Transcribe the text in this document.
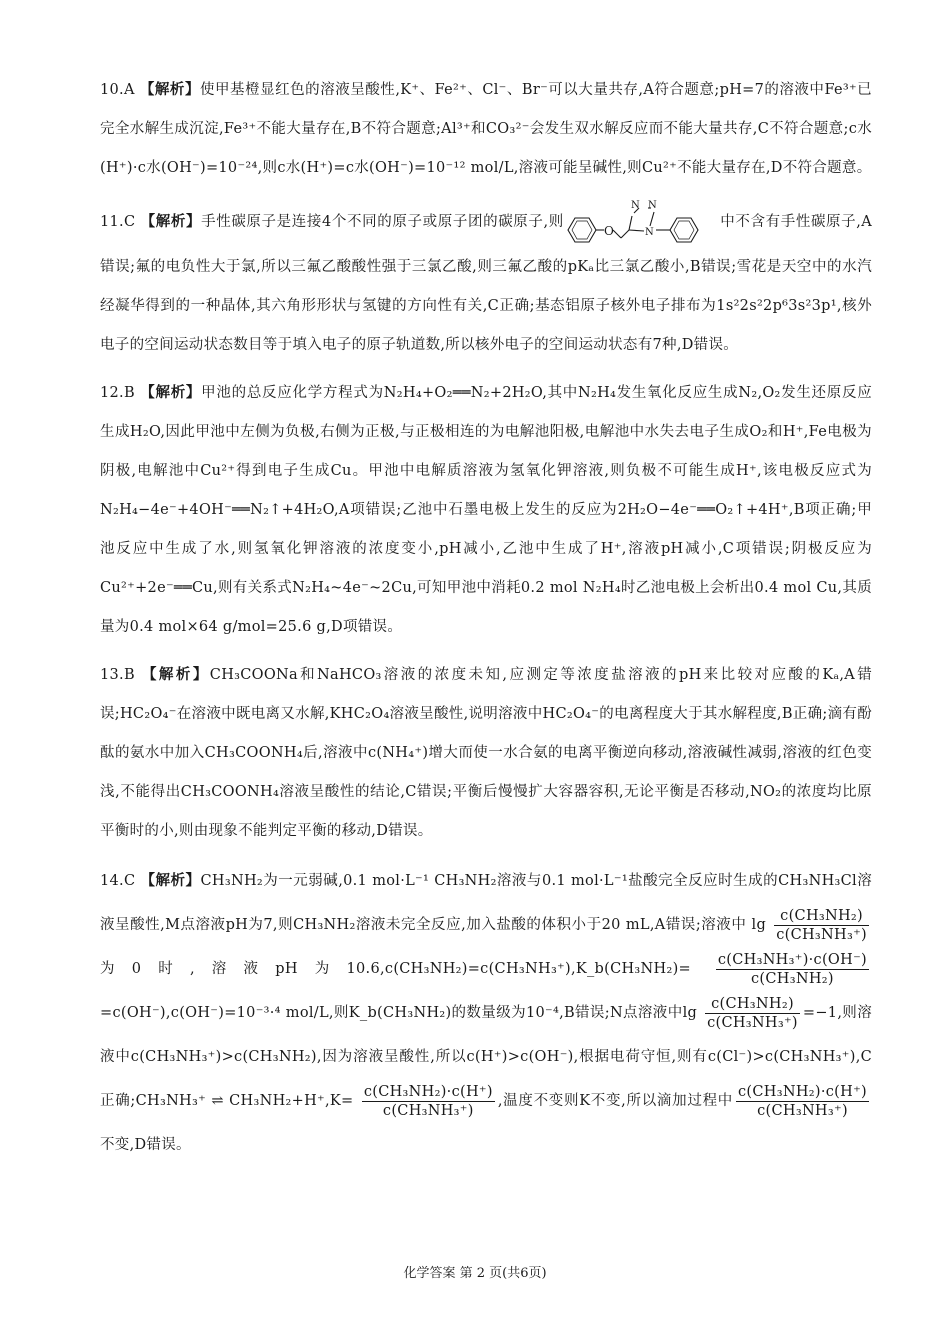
10.A 【解析】使甲基橙显红色的溶液呈酸性,K⁺、Fe²⁺、Cl⁻、Br⁻可以大量共存,A符合题意;pH=7的溶液中Fe³⁺已完全水解生成沉淀,Fe³⁺不能大量存在,B不符合题意;Al³⁺和CO₃²⁻会发生双水解反应而不能大量共存,C不符合题意;c水(H⁺)·c水(OH⁻)=10⁻²⁴,则c水(H⁺)=c水(OH⁻)=10⁻¹² mol/L,溶液可能呈碱性,则Cu²⁺不能大量存在,D不符合题意。

11.C 【解析】手性碳原子是连接4个不同的原子或原子团的碳原子,则
O
N N
N
中不含有手性碳原子,A错误;氟的电负性大于氯,所以三氟乙酸酸性强于三氯乙酸,则三氟乙酸的pKₐ比三氯乙酸小,B错误;雪花是天空中的水汽经凝华得到的一种晶体,其六角形形状与氢键的方向性有关,C正确;基态铝原子核外电子排布为1s²2s²2p⁶3s²3p¹,核外电子的空间运动状态数目等于填入电子的原子轨道数,所以核外电子的空间运动状态有7种,D错误。

12.B 【解析】甲池的总反应化学方程式为N₂H₄+O₂══N₂+2H₂O,其中N₂H₄发生氧化反应生成N₂,O₂发生还原反应生成H₂O,因此甲池中左侧为负极,右侧为正极,与正极相连的为电解池阳极,电解池中水失去电子生成O₂和H⁺,Fe电极为阴极,电解池中Cu²⁺得到电子生成Cu。甲池中电解质溶液为氢氧化钾溶液,则负极不可能生成H⁺,该电极反应式为N₂H₄−4e⁻+4OH⁻══N₂↑+4H₂O,A项错误;乙池中石墨电极上发生的反应为2H₂O−4e⁻══O₂↑+4H⁺,B项正确;甲池反应中生成了水,则氢氧化钾溶液的浓度变小,pH减小,乙池中生成了H⁺,溶液pH减小,C项错误;阴极反应为Cu²⁺+2e⁻══Cu,则有关系式N₂H₄~4e⁻~2Cu,可知甲池中消耗0.2 mol N₂H₄时乙池电极上会析出0.4 mol Cu,其质量为0.4 mol×64 g/mol=25.6 g,D项错误。

13.B 【解析】CH₃COONa和NaHCO₃溶液的浓度未知,应测定等浓度盐溶液的pH来比较对应酸的Kₐ,A错误;HC₂O₄⁻在溶液中既电离又水解,KHC₂O₄溶液呈酸性,说明溶液中HC₂O₄⁻的电离程度大于其水解程度,B正确;滴有酚酞的氨水中加入CH₃COONH₄后,溶液中c(NH₄⁺)增大而使一水合氨的电离平衡逆向移动,溶液碱性减弱,溶液的红色变浅,不能得出CH₃COONH₄溶液呈酸性的结论,C错误;平衡后慢慢扩大容器容积,无论平衡是否移动,NO₂的浓度均比原平衡时的小,则由现象不能判定平衡的移动,D错误。

14.C 【解析】CH₃NH₂为一元弱碱,0.1 mol·L⁻¹ CH₃NH₂溶液与0.1 mol·L⁻¹盐酸完全反应时生成的CH₃NH₃Cl溶液呈酸性,M点溶液pH为7,则CH₃NH₂溶液未完全反应,加入盐酸的体积小于20 mL,A错误;溶液中 $\lg \frac{\text{c(CH₃NH₂)}}{\text{c(CH₃NH₃⁺)}}$
为0时,溶液pH为10.6,c(CH₃NH₂)=c(CH₃NH₃⁺),K_b(CH₃NH₂)= $\frac{\text{c(CH₃NH₃⁺)·c(OH⁻)}}{\text{c(CH₃NH₂)}}$
=c(OH⁻),c(OH⁻)=10⁻³·⁴ mol/L,则K_b(CH₃NH₂)的数量级为10⁻⁴,B错误;N点溶液中$\lg \frac{\text{c(CH₃NH₂)}}{\text{c(CH₃NH₃⁺)}} =-1$,则溶液中c(CH₃NH₃⁺)>c(CH₃NH₂),因为溶液呈酸性,所以c(H⁺)>c(OH⁻),根据电荷守恒,则有c(Cl⁻)>c(CH₃NH₃⁺),C正确;CH₃NH₃⁺ ⇌ $CH_3NH_2+H^+,K= \frac{\text{c(CH₃NH₂)·c(H⁺)}}{\text{c(CH₃NH₃⁺)}}$ ,温度不变则K不变,所以滴加过程中 $\frac{\text{c(CH₃NH₂)·c(H⁺)}}{\text{c(CH₃NH₃⁺)}}$
不变,D错误。

化学答案 第 2 页(共6页)
